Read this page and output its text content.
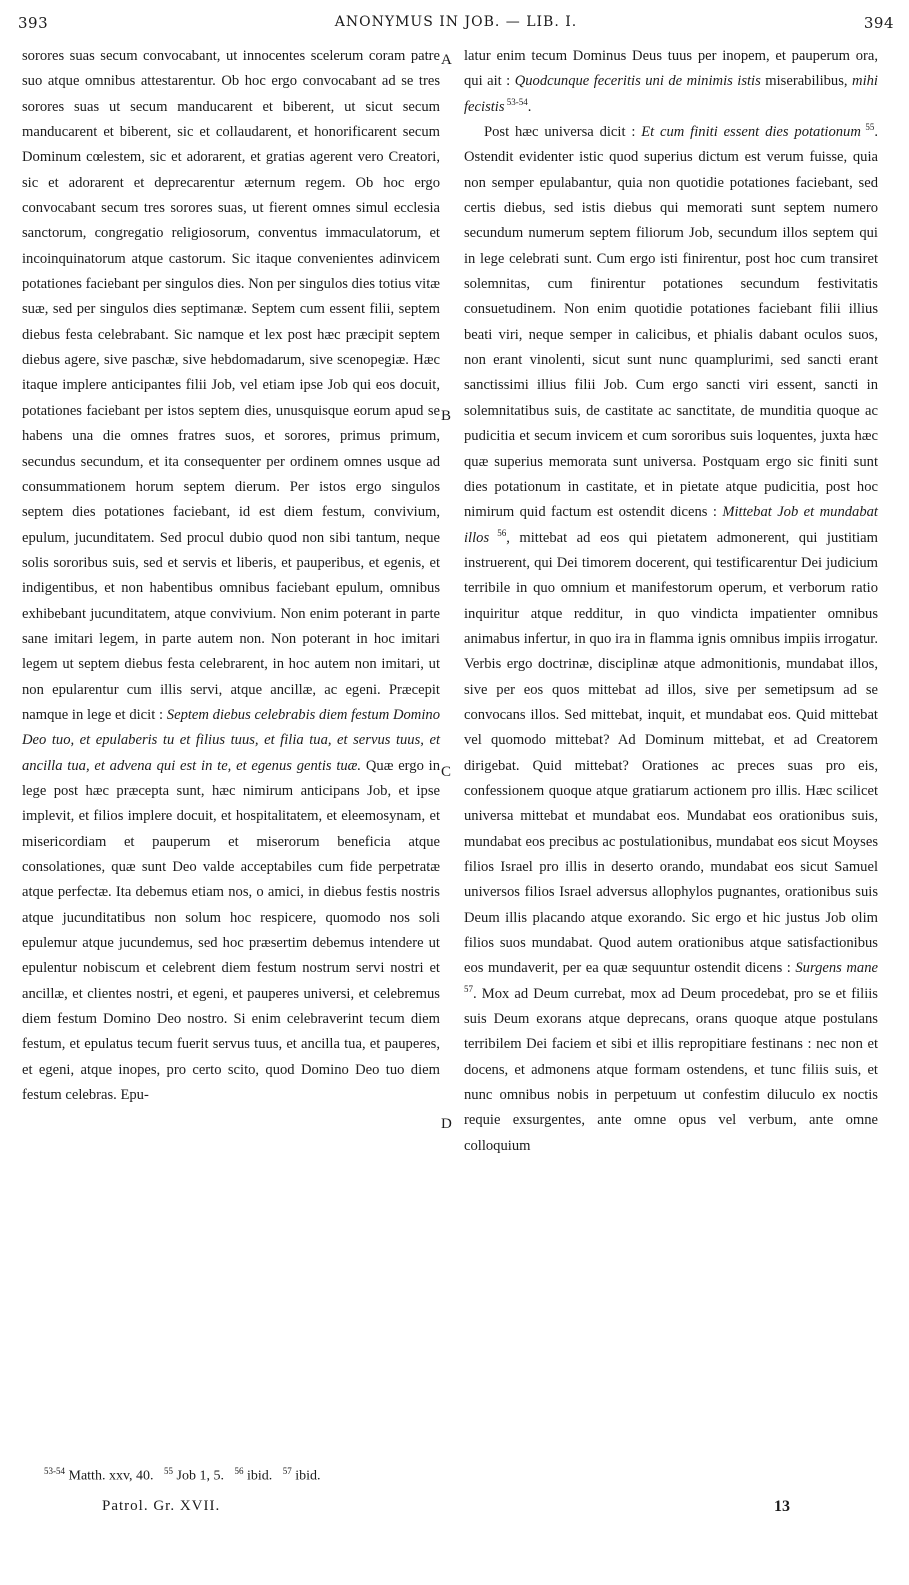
393	ANONYMUS IN JOB. — LIB. I.	394

sorores suas secum convocabant, ut innocentes scelerum coram patre suo atque omnibus attestarentur. Ob hoc ergo convocabant ad se tres sorores suas ut secum manducarent et biberent, ut sicut secum manducarent et biberent, sic et collaudarent, et honorificarent secum Dominum cœlestem, sic et adorarent, et gratias agerent vero Creatori, sic et adorarent et deprecarentur æternum regem. Ob hoc ergo convocabant secum tres sorores suas, ut fierent omnes simul ecclesia sanctorum, congregatio religiosorum, conventus immaculatorum, et incoinquinatorum atque castorum. Sic itaque convenientes adinvicem potationes faciebant per singulos dies. Non per singulos dies totius vitæ suæ, sed per singulos dies septimanæ. Septem cum essent filii, septem diebus festa celebrabant. Sic namque et lex post hæc præcipit septem diebus agere, sive paschæ, sive hebdomadarum, sive scenopegiæ. Hæc itaque implere anticipantes filii Job, vel etiam ipse Job qui eos docuit, potationes faciebant per istos septem dies, unusquisque eorum apud se habens una die omnes fratres suos, et sorores, primus primum, secundus secundum, et ita consequenter per ordinem omnes usque ad consummationem horum septem dierum. Per istos ergo singulos septem dies potationes faciebant, id est diem festum, convivium, epulum, jucunditatem. Sed procul dubio quod non sibi tantum, neque solis sororibus suis, sed et servis et liberis, et pauperibus, et egenis, et indigentibus, et non habentibus omnibus faciebant epulum, omnibus exhibebant jucunditatem, atque convivium. Non enim poterant in parte sane imitari legem, in parte autem non. Non poterant in hoc imitari legem ut septem diebus festa celebrarent, in hoc autem non imitari, ut non epularentur cum illis servi, atque ancillæ, ac egeni. Præcepit namque in lege et dicit : Septem diebus celebrabis diem festum Domino Deo tuo, et epulaberis tu et filius tuus, et filia tua, et servus tuus, et ancilla tua, et advena qui est in te, et egenus gentis tuæ. Quæ ergo in lege post hæc præcepta sunt, hæc nimirum anticipans Job, et ipse implevit, et filios implere docuit, et hospitalitatem, et eleemosynam, et misericordiam et pauperum et miserorum beneficia atque consolationes, quæ sunt Deo valde acceptabiles cum fide perpetratæ atque perfectæ. Ita debemus etiam nos, o amici, in diebus festis nostris atque jucunditatibus non solum hoc respicere, quomodo nos soli epulemur atque jucundemus, sed hoc præsertim debemus intendere ut epulentur nobiscum et celebrent diem festum nostrum servi nostri et ancillæ, et clientes nostri, et egeni, et pauperes universi, et celebremus diem festum Domino Deo nostro. Si enim celebraverint tecum diem festum, et epulatus tecum fuerit servus tuus, et ancilla tua, et pauperes, et egeni, atque inopes, pro certo scito, quod Domino Deo tuo diem festum celebras. Epu-

A
B
C
D

latur enim tecum Dominus Deus tuus per inopem, et pauperum ora, qui ait : Quodcunque feceritis uni de minimis istis miserabilibus, mihi fecistis $^{53-54}$.

Post hæc universa dicit : Et cum finiti essent dies potationum $^{55}$. Ostendit evidenter istic quod superius dictum est verum fuisse, quia non semper epulabantur, quia non quotidie potationes faciebant, sed certis diebus, sed istis diebus qui memorati sunt septem numero secundum numerum septem filiorum Job, secundum illos septem qui in lege celebrati sunt. Cum ergo isti finirentur, post hoc cum transiret solemnitas, cum finirentur potationes secundum festivitatis consuetudinem. Non enim quotidie potationes faciebant filii illius beati viri, neque semper in calicibus, et phialis dabant oculos suos, non erant vinolenti, sicut sunt nunc quamplurimi, sed sancti erant sanctissimi illius filii Job. Cum ergo sancti viri essent, sancti in solemnitatibus suis, de castitate ac sanctitate, de munditia quoque ac pudicitia et secum invicem et cum sororibus suis loquentes, juxta hæc quæ superius memorata sunt universa. Postquam ergo sic finiti sunt dies potationum in castitate, et in pietate atque pudicitia, post hoc nimirum quid factum est ostendit dicens : Mittebat Job et mundabat illos $^{56}$, mittebat ad eos qui pietatem admonerent, qui justitiam instruerent, qui Dei timorem docerent, qui testificarentur Dei judicium terribile in quo omnium et manifestorum operum, et verborum ratio inquiritur atque redditur, in quo vindicta impatienter omnibus animabus infertur, in quo ira in flamma ignis omnibus impiis irrogatur. Verbis ergo doctrinæ, disciplinæ atque admonitionis, mundabat illos, sive per eos quos mittebat ad illos, sive per semetipsum ad se convocans illos. Sed mittebat, inquit, et mundabat eos. Quid mittebat vel quomodo mittebat? Ad Dominum mittebat, et ad Creatorem dirigebat. Quid mittebat? Orationes ac preces suas pro eis, confessionem quoque atque gratiarum actionem pro illis. Hæc scilicet universa mittebat et mundabat eos. Mundabat eos orationibus suis, mundabat eos precibus ac postulationibus, mundabat eos sicut Moyses filios Israel pro illis in deserto orando, mundabat eos sicut Samuel universos filios Israel adversus allophylos pugnantes, orationibus suis Deum illis placando atque exorando. Sic ergo et hic justus Job olim filios suos mundabat. Quod autem orationibus atque satisfactionibus eos mundaverit, per ea quæ sequuntur ostendit dicens : Surgens mane $^{57}$. Mox ad Deum currebat, mox ad Deum procedebat, pro se et filiis suis Deum exorans atque deprecans, orans quoque atque postulans terribilem Dei faciem et sibi et illis repropitiare festinans : nec non et docens, et admonens atque formam ostendens, et tunc filiis suis, et nunc omnibus nobis in perpetuum ut confestim diluculo ex noctis requie exsurgentes, ante omne opus vel verbum, ante omne colloquium

$^{53-54}$ Matth. xxv, 40. $^{55}$ Job 1, 5. $^{56}$ ibid. $^{57}$ ibid.
Patrol. Gr. XVII.	13
